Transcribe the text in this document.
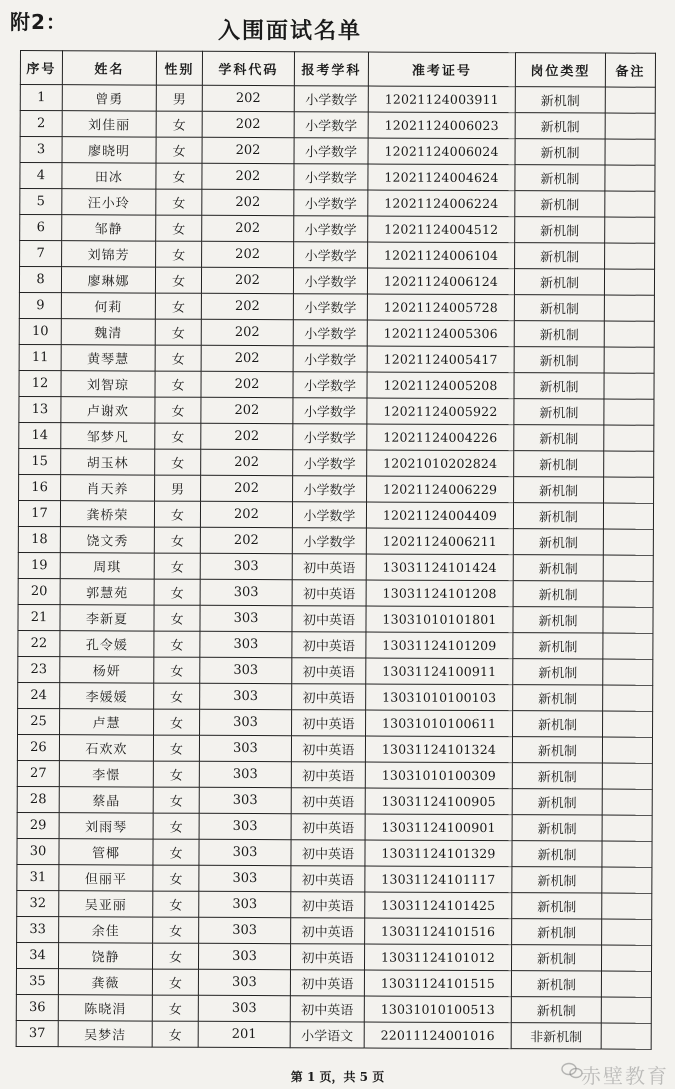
附2：	入围面试名单
序号	姓名	性别	学科代码	报考学科	准考证号	岗位类型	备注
1	曾勇	男	202	小学数学	12021124003911	新机制	
2	刘佳丽	女	202	小学数学	12021124006023	新机制	
3	廖晓明	女	202	小学数学	12021124006024	新机制	
4	田冰	女	202	小学数学	12021124004624	新机制	
5	汪小玲	女	202	小学数学	12021124006224	新机制	
6	邹静	女	202	小学数学	12021124004512	新机制	
7	刘锦芳	女	202	小学数学	12021124006104	新机制	
8	廖琳娜	女	202	小学数学	12021124006124	新机制	
9	何莉	女	202	小学数学	12021124005728	新机制	
10	魏清	女	202	小学数学	12021124005306	新机制	
11	黄琴慧	女	202	小学数学	12021124005417	新机制	
12	刘智琼	女	202	小学数学	12021124005208	新机制	
13	卢谢欢	女	202	小学数学	12021124005922	新机制	
14	邹梦凡	女	202	小学数学	12021124004226	新机制	
15	胡玉林	女	202	小学数学	12021010202824	新机制	
16	肖天养	男	202	小学数学	12021124006229	新机制	
17	龚桥荣	女	202	小学数学	12021124004409	新机制	
18	饶文秀	女	202	小学数学	12021124006211	新机制	
19	周琪	女	303	初中英语	13031124101424	新机制	
20	郭慧苑	女	303	初中英语	13031124101208	新机制	
21	李新夏	女	303	初中英语	13031010101801	新机制	
22	孔令媛	女	303	初中英语	13031124101209	新机制	
23	杨妍	女	303	初中英语	13031124100911	新机制	
24	李媛媛	女	303	初中英语	13031010100103	新机制	
25	卢慧	女	303	初中英语	13031010100611	新机制	
26	石欢欢	女	303	初中英语	13031124101324	新机制	
27	李憬	女	303	初中英语	13031010100309	新机制	
28	蔡晶	女	303	初中英语	13031124100905	新机制	
29	刘雨琴	女	303	初中英语	13031124100901	新机制	
30	管椰	女	303	初中英语	13031124101329	新机制	
31	但丽平	女	303	初中英语	13031124101117	新机制	
32	吴亚丽	女	303	初中英语	13031124101425	新机制	
33	余佳	女	303	初中英语	13031124101516	新机制	
34	饶静	女	303	初中英语	13031124101012	新机制	
35	龚薇	女	303	初中英语	13031124101515	新机制	
36	陈晓涓	女	303	初中英语	13031010100513	新机制	
37	吴梦洁	女	201	小学语文	22011124001016	非新机制	
第 1 页，共 5 页	赤壁教育
